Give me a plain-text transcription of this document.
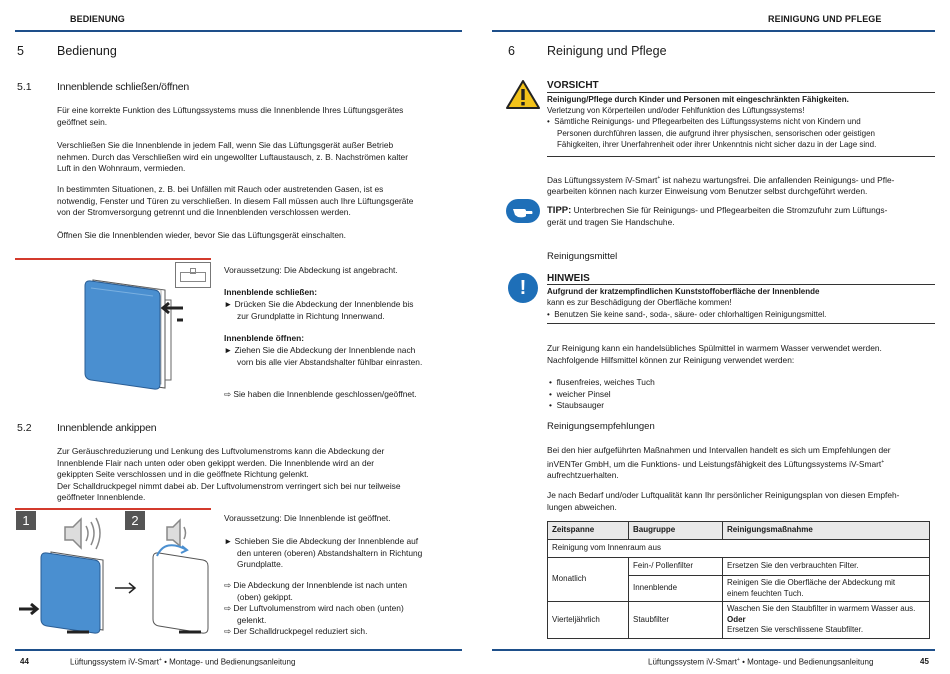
BEDIENUNG
5	Bedienung
5.1 Innenblende schließen/öffnen
Für eine korrekte Funktion des Lüftungssystems muss die Innenblende Ihres Lüftungsgerätes
geöffnet sein.
Verschließen Sie die Innenblende in jedem Fall, wenn Sie das Lüftungsgerät außer Betrieb
nehmen. Durch das Verschließen wird ein ungewollter Luftaustausch, z. B. Nachströmen kalter
Luft in den Wohnraum, vermieden.
In bestimmten Situationen, z. B. bei Unfällen mit Rauch oder austretenden Gasen, ist es
notwendig, Fenster und Türen zu verschließen. In diesem Fall müssen auch Ihre Lüftungsgeräte
von der Stromversorgung getrennt und die Innenblenden verschlossen werden.
Öffnen Sie die Innenblenden wieder, bevor Sie das Lüftungsgerät einschalten.
Voraussetzung: Die Abdeckung ist angebracht.
Innenblende schließen:
► Drücken Sie die Abdeckung der Innenblende bis
zur Grundplatte in Richtung Innenwand.
Innenblende öffnen:
► Ziehen Sie die Abdeckung der Innenblende nach
vorn bis alle vier Abstandshalter fühlbar einrasten.
⇨ Sie haben die Innenblende geschlossen/geöffnet.
5.2 Innenblende ankippen
Zur Geräuschreduzierung und Lenkung des Luftvolumenstroms kann die Abdeckung der
Innenblende Flair nach unten oder oben gekippt werden. Die Innenblende wird an der
gekippten Seite verschlossen und in die geöffnete Richtung gelenkt.
Der Schalldruckpegel nimmt dabei ab. Der Luftvolumenstrom verringert sich bei nur teilweise
geöffneter Innenblende.
1	2	Voraussetzung: Die Innenblende ist geöffnet.
► Schieben Sie die Abdeckung der Innenblende auf
den unteren (oberen) Abstandshaltern in Richtung
Grundplatte.
⇨ Die Abdeckung der Innenblende ist nach unten
(oben) gekippt.
⇨ Der Luftvolumenstrom wird nach oben (unten)
gelenkt.
⇨ Der Schalldruckpegel reduziert sich.
44	Lüftungssystem iV-Smart+ • Montage- und Bedienungsanleitung
REINIGUNG UND PFLEGE
6	Reinigung und Pflege
VORSICHT
Reinigung/Pflege durch Kinder und Personen mit eingeschränkten Fähigkeiten.
Verletzung von Körperteilen und/oder Fehlfunktion des Lüftungssystems!
•  Sämtliche Reinigungs- und Pflegearbeiten des Lüftungssystems nicht von Kindern und
Personen durchführen lassen, die aufgrund ihrer physischen, sensorischen oder geistigen
Fähigkeiten, ihrer Unerfahrenheit oder ihrer Unkenntnis nicht sicher dazu in der Lage sind.
Das Lüftungssystem iV-Smart+ ist nahezu wartungsfrei. Die anfallenden Reinigungs- und Pfle-
gearbeiten können nach kurzer Einweisung vom Benutzer selbst durchgeführt werden.
TIPP: Unterbrechen Sie für Reinigungs- und Pflegearbeiten die Stromzufuhr zum Lüftungs-
gerät und tragen Sie Handschuhe.
Reinigungsmittel
!	HINWEIS
Aufgrund der kratzempfindlichen Kunststoffoberfläche der Innenblende
kann es zur Beschädigung der Oberfläche kommen!
•  Benutzen Sie keine sand-, soda-, säure- oder chlorhaltigen Reinigungsmittel.
Zur Reinigung kann ein handelsübliches Spülmittel in warmem Wasser verwendet werden.
Nachfolgende Hilfsmittel können zur Reinigung verwendet werden:
•  flusenfreies, weiches Tuch
•  weicher Pinsel
•  Staubsauger
Reinigungsempfehlungen
Bei den hier aufgeführten Maßnahmen und Intervallen handelt es sich um Empfehlungen der
inVENTer GmbH, um die Funktions- und Leistungsfähigkeit des Lüftungssystems iV-Smart+
aufrechtzuerhalten.
Je nach Bedarf und/oder Luftqualität kann Ihr persönlicher Reinigungsplan von diesen Empfeh-
lungen abweichen.
Zeitspanne	Baugruppe	Reinigungsmaßnahme
Reinigung vom Innenraum aus		
Monatlich	Fein-/ Pollenfilter	Ersetzen Sie den verbrauchten Filter.
	Innenblende	Reinigen Sie die Oberfläche der Abdeckung mit
einem feuchten Tuch.

Vierteljährlich	Staubfilter	Waschen Sie den Staubfilter in warmem Wasser aus.
Oder
Ersetzen Sie verschlissene Staubfilter.
Lüftungssystem iV-Smart+ • Montage- und Bedienungsanleitung	45
